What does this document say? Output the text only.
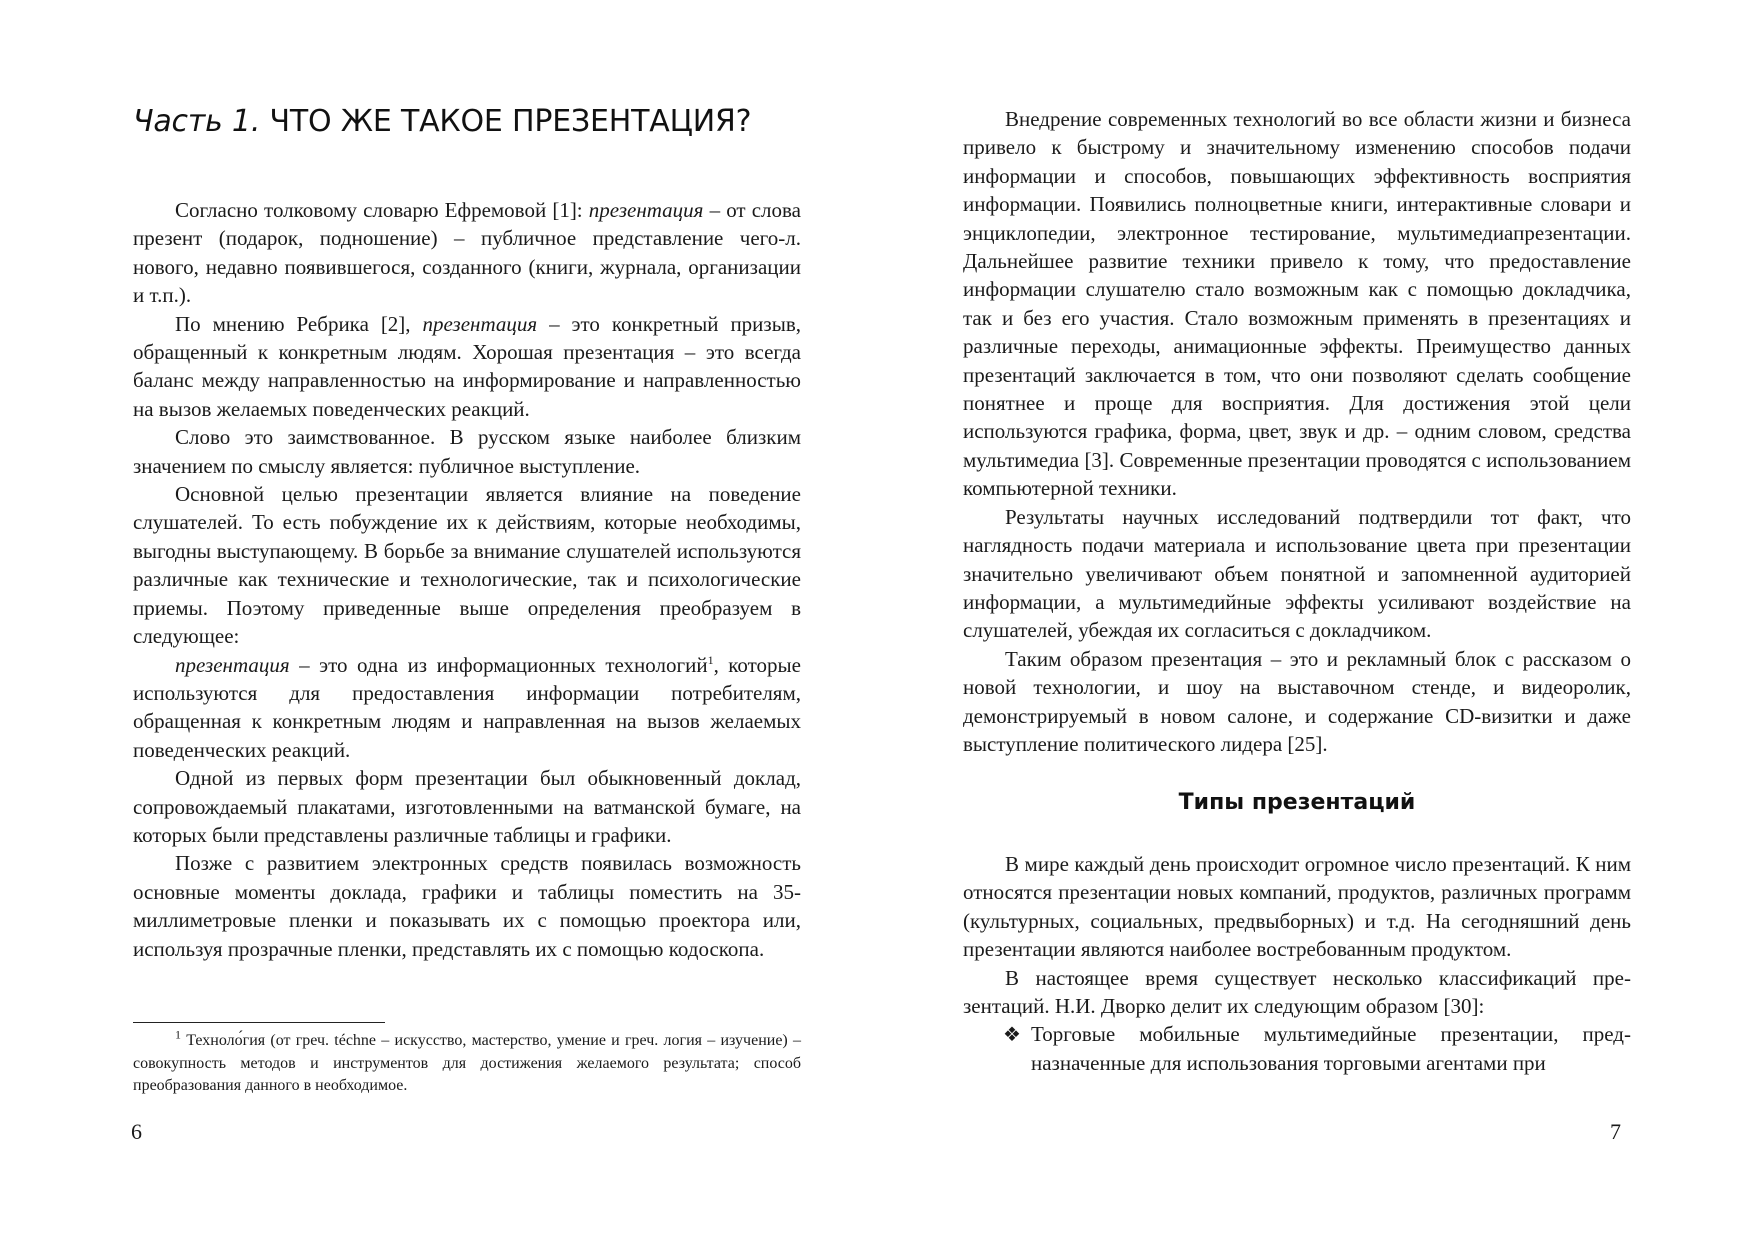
Часть 1. ЧТО ЖЕ ТАКОЕ ПРЕЗЕНТАЦИЯ?

Согласно толковому словарю Ефремовой [1]: презентация – от слова презент (подарок, подношение) – публичное представление чего-л. нового, недавно появившегося, созданного (книги, журнала, организации и т.п.).

По мнению Ребрика [2], презентация – это конкретный призыв, обращенный к конкретным людям. Хорошая презентация – это всегда баланс между направленностью на информирование и направленностью на вызов желаемых поведенческих реакций.

Слово это заимствованное. В русском языке наиболее близким значением по смыслу является: публичное выступление.

Основной целью презентации является влияние на поведение слушателей. То есть побуждение их к действиям, которые необходимы, выгодны выступающему. В борьбе за внимание слушателей используются различные как технические и технологические, так и психологические приемы. Поэтому приведенные выше определения преобразуем в следующее:

презентация – это одна из информационных технологий$^1$, которые используются для предоставления информации потребителям, обращенная к конкретным людям и направленная на вызов желаемых поведенческих реакций.

Одной из первых форм презентации был обыкновенный доклад, сопровождаемый плакатами, изготовленными на ватманской бумаге, на которых были представлены различные таблицы и графики.

Позже с развитием электронных средств появилась возможность основные моменты доклада, графики и таблицы поместить на 35-миллиметровые пленки и показывать их с помощью проектора или, используя прозрачные пленки, представлять их с помощью кодоскопа.

$^1$ Техноло́гия (от греч. téchne – искусство, мастерство, умение и греч. логия – изучение) – совокупность методов и инструментов для достижения желаемого результата; способ преобразования данного в необходимое.

6

Внедрение современных технологий во все области жизни и бизнеса привело к быстрому и значительному изменению способов подачи информации и способов, повышающих эффективность восприятия информации. Появились полноцветные книги, интерактивные словари и энциклопедии, электронное тестирование, мультимедиапрезентации. Дальнейшее развитие техники привело к тому, что предоставление информации слушателю стало возможным как с помощью докладчика, так и без его участия. Стало возможным применять в презентациях и различные переходы, анимационные эффекты. Преимущество данных презентаций заключается в том, что они позволяют сделать сообщение понятнее и проще для восприятия. Для достижения этой цели используются графика, форма, цвет, звук и др. – одним словом, средства мультимедиа [3]. Современные презентации проводятся с использованием компьютерной техники.

Результаты научных исследований подтвердили тот факт, что наглядность подачи материала и использование цвета при презентации значительно увеличивают объем понятной и запомненной аудиторией информации, а мультимедийные эффекты усиливают воздействие на слушателей, убеждая их согласиться с докладчиком.

Таким образом презентация – это и рекламный блок с рассказом о новой технологии, и шоу на выставочном стенде, и видеоролик, демонстрируемый в новом салоне, и содержание CD-визитки и даже выступление политического лидера [25].

Типы презентаций

В мире каждый день происходит огромное число презентаций. К ним относятся презентации новых компаний, продуктов, различных программ (культурных, социальных, предвыборных) и т.д. На сегодняшний день презентации являются наиболее востребованным продуктом.

В настоящее время существует несколько классификаций презентаций. Н.И. Дворко делит их следующим образом [30]:

❖ Торговые мобильные мультимедийные презентации, предназначенные для использования торговыми агентами при

7
